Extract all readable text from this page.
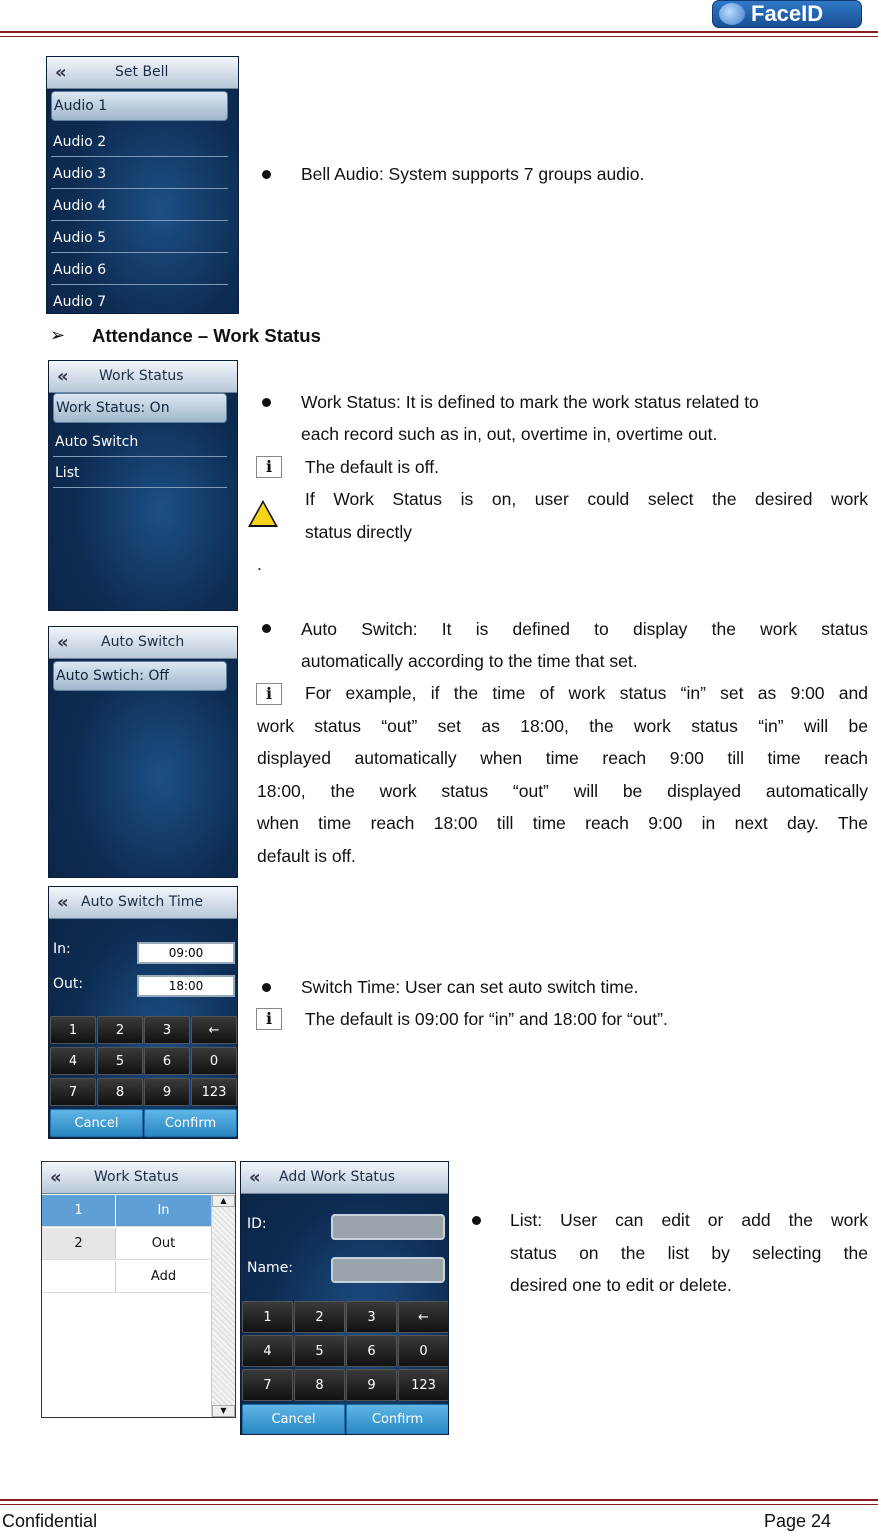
FaceID
«	Set Bell
Audio 1
Audio 2
Audio 3
Audio 4
Audio 5
Audio 6
Audio 7
Bell Audio: System supports 7 groups audio.
➢ Attendance – Work Status
« Work Status
Work Status: On
Auto Switch
List
Work Status: It is defined to mark the work status related to
each record such as in, out, overtime in, overtime out.
i	The default is off.
!
If Work Status is on, user could select the desired work
status directly
.
« Auto Switch
Auto Swtich: Off
Auto Switch: It is defined to display the work status
automatically according to the time that set.
i	For example, if the time of work status “in” set as 9:00 and
work status “out” set as 18:00, the work status “in” will be
displayed automatically when time reach 9:00 till time reach
18:00, the work status “out” will be displayed automatically
when time reach 18:00 till time reach 9:00 in next day. The
default is off.
« Auto Switch Time
In:	09:00
Out:	18:00
1	2	3	←
4	5	6	0
7	8	9	123
Cancel	Confirm
Switch Time: User can set auto switch time.
i	The default is 09:00 for “in” and 18:00 for “out”.
« Work Status
1	In
2	Out
Add
▲
▼
« Add Work Status
ID:
Name:
1	2	3	←
4	5	6	0
7	8	9	123
Cancel	Confirm
List: User can edit or add the work
status on the list by selecting the
desired one to edit or delete.
Confidential	Page 24
